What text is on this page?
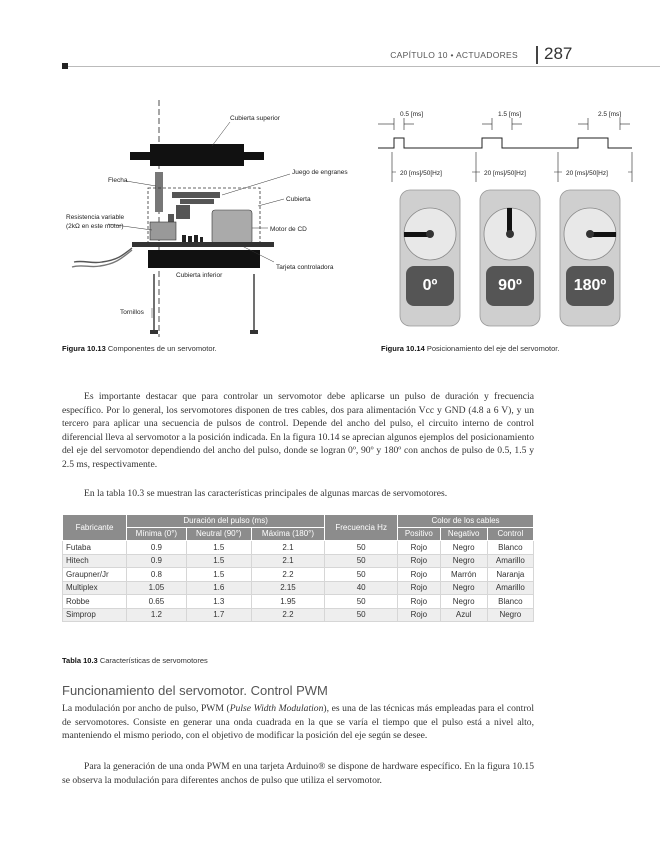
CAPÍTULO 10 • ACTUADORES 287
Cubierta superior
Juego de engranes
Flecha
Cubierta
Resistencia variable
(2kΩ en este motor)	Motor de CD
Tarjeta controladora
Cubierta inferior
Tornillos
0.5 [ms]	1.5 [ms]	2.5 [ms]
20 [ms]/50[Hz]	20 [ms]/50[Hz]	20 [ms]/50[Hz]
0º	90º	180º
Figura 10.13 Componentes de un servomotor.	Figura 10.14 Posicionamiento del eje del servomotor.

Es importante destacar que para controlar un servomotor debe aplicarse un pulso de duración y frecuencia específico. Por lo general, los servomotores disponen de tres cables, dos para alimentación Vcc y GND (4.8 a 6 V), y un tercero para aplicar una secuencia de pulsos de control. Depende del ancho del pulso, el circuito interno de control diferencial lleva al servomotor a la posición indicada. En la figura 10.14 se aprecian algunos ejemplos del posicionamiento del eje del servomotor dependiendo del ancho del pulso, donde se logran 0º, 90º y 180º con anchos de pulso de 0.5, 1.5 y 2.5 ms, respectivamente.

En la tabla 10.3 se muestran las características principales de algunas marcas de servomotores.

Fabricante	Duración del pulso (ms)			Frecuencia Hz	Color de los cables		
	Mínima (0°)	Neutral (90°)	Máxima (180°)		Positivo	Negativo	Control
Futaba	0.9	1.5	2.1	50	Rojo	Negro	Blanco
Hitech	0.9	1.5	2.1	50	Rojo	Negro	Amarillo
Graupner/Jr	0.8	1.5	2.2	50	Rojo	Marrón	Naranja
Multiplex	1.05	1.6	2.15	40	Rojo	Negro	Amarillo
Robbe	0.65	1.3	1.95	50	Rojo	Negro	Blanco
Simprop	1.2	1.7	2.2	50	Rojo	Azul	Negro
Tabla 10.3 Características de servomotores
Funcionamiento del servomotor. Control PWM

La modulación por ancho de pulso, PWM (Pulse Width Modulation), es una de las técnicas más empleadas para el control de servomotores. Consiste en generar una onda cuadrada en la que se varía el tiempo que el pulso está a nivel alto, manteniendo el mismo periodo, con el objetivo de modificar la posición del eje según se desee.

Para la generación de una onda PWM en una tarjeta Arduino® se dispone de hardware específico. En la figura 10.15 se observa la modulación para diferentes anchos de pulso que utiliza el servomotor.
